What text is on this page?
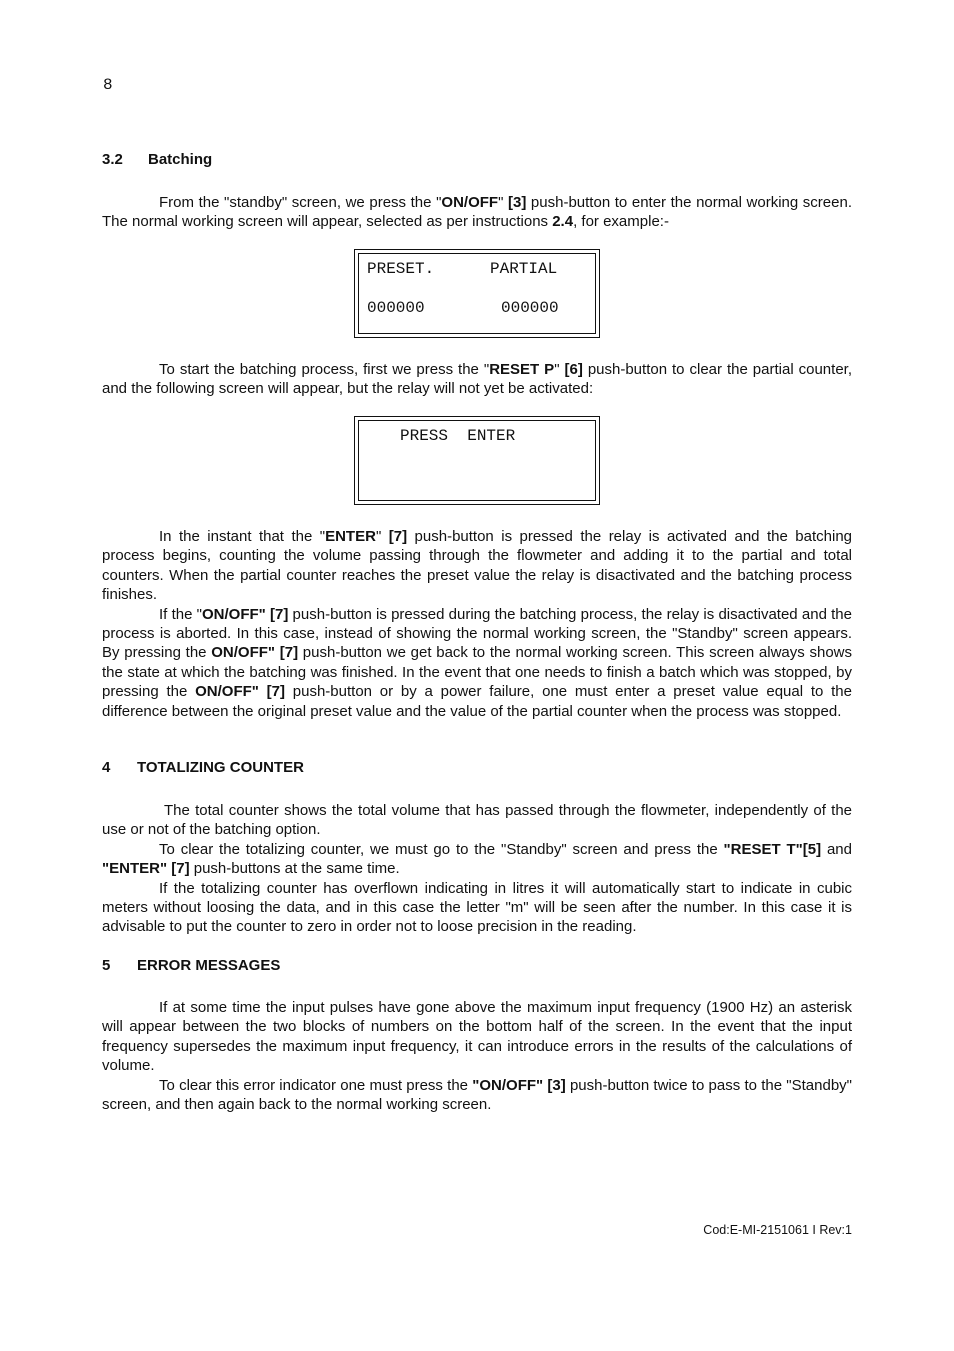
8
3.2 Batching

From the "standby" screen, we press the "ON/OFF" [3] push-button to enter the normal working screen. The normal working screen will appear, selected as per instructions 2.4, for example:-

PRESET.	PARTIAL
000000	000000

To start the batching process, first we press the "RESET P" [6] push-button to clear the partial counter, and the following screen will appear, but the relay will not yet be activated:

PRESS  ENTER

In the instant that the "ENTER" [7] push-button is pressed the relay is activated and the batching process begins, counting the volume passing through the flowmeter and adding it to the partial and total counters. When the partial counter reaches the preset value the relay is disactivated and the batching process finishes.

If the "ON/OFF" [7] push-button is pressed during the batching process, the relay is disactivated and the process is aborted. In this case, instead of showing the normal working screen, the "Standby" screen appears. By pressing the ON/OFF" [7] push-button we get back to the normal working screen. This screen always shows the state at which the batching was finished. In the event that one needs to finish a batch which was stopped, by pressing the ON/OFF" [7] push-button or by a power failure, one must enter a preset value equal to the difference between the original preset value and the value of the partial counter when the process was stopped.

4 TOTALIZING COUNTER

The total counter shows the total volume that has passed through the flowmeter, independently of the use or not of the batching option.

To clear the totalizing counter, we must go to the "Standby" screen and press the "RESET T"[5] and "ENTER" [7] push-buttons at the same time.

If the totalizing counter has overflown indicating in litres it will automatically start to indicate in cubic meters without loosing the data, and in this case the letter "m" will be seen after the number. In this case it is advisable to put the counter to zero in order not to loose precision in the reading.

5 ERROR MESSAGES

If at some time the input pulses have gone above the maximum input frequency (1900 Hz) an asterisk will appear between the two blocks of numbers on the bottom half of the screen. In the event that the input frequency supersedes the maximum input frequency, it can introduce errors in the results of the calculations of volume.

To clear this error indicator one must press the "ON/OFF" [3] push-button twice to pass to the "Standby" screen, and then again back to the normal working screen.

Cod:E-MI-2151061 I Rev:1
